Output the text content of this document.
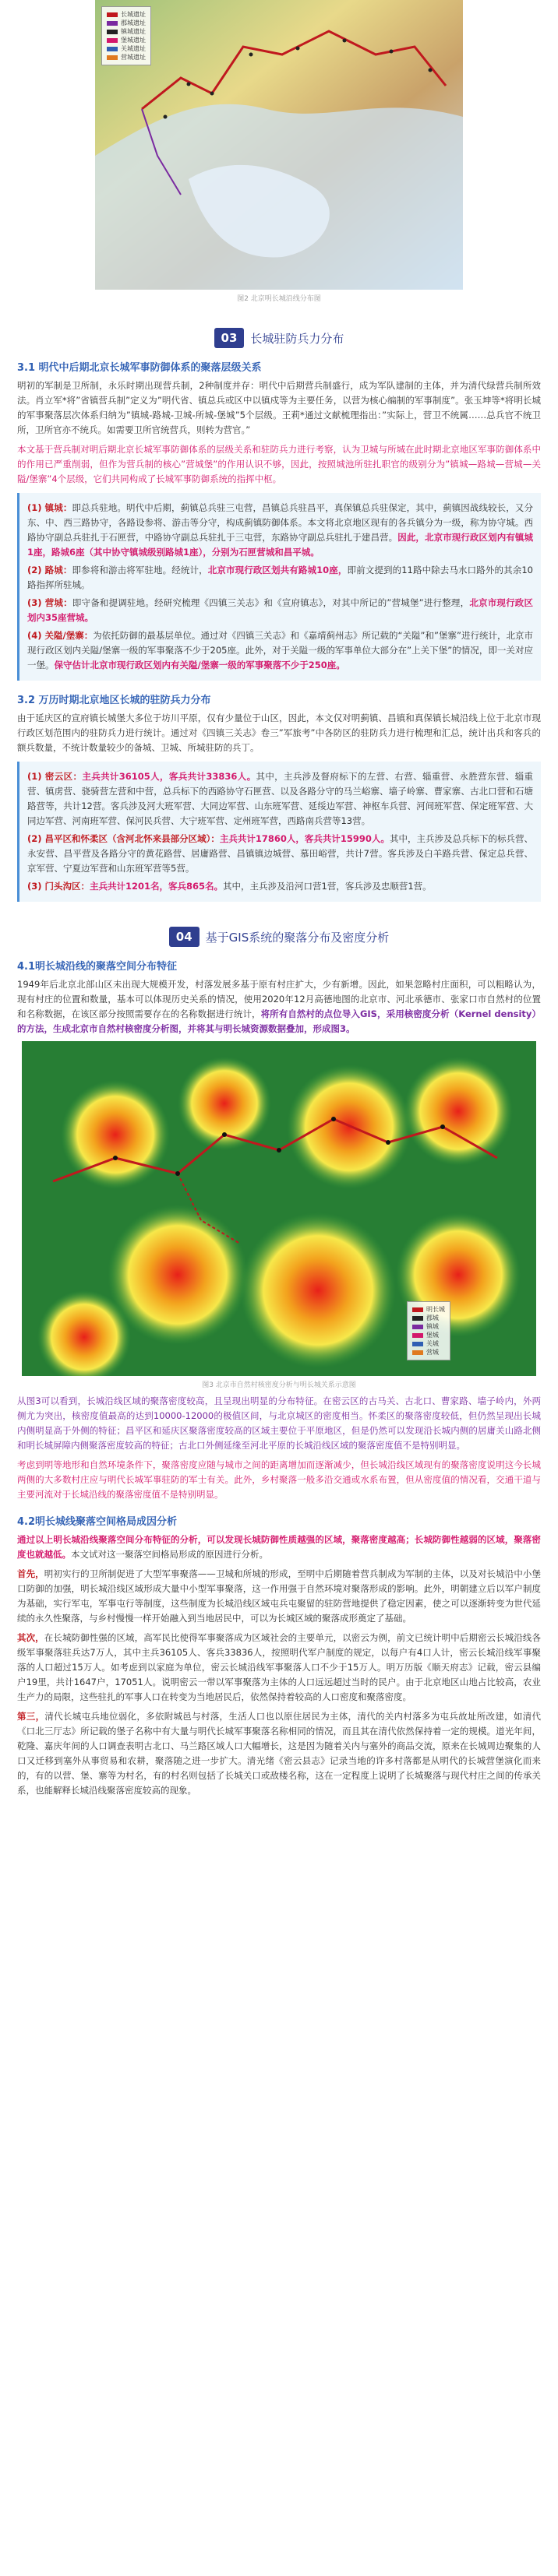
长城遗址
郡城遗址
镇城遗址
堡城遗址
关城遗址
营城遗址
图2 北京明长城沿线分布图
03	长城驻防兵力分布
3.1 明代中后期北京长城军事防御体系的聚落层级关系
明初的军制是卫所制，永乐时期出现营兵制，2种制度并存：明代中后期营兵制盛行，成为军队建制的主体，并为清代绿营兵制所效法。肖立军*将”省镇营兵制”定义为”明代省、镇总兵或区中以镇戍等为主要任务，以营为核心编制的军事制度”。张玉坤等*将明长城的军事聚落层次体系归纳为”镇城-路城-卫城-所城-堡城”5个层级。王莉*通过文献梳理指出：”实际上，营卫不统属……总兵官不统卫所，卫所官亦不统兵。如需要卫所官统营兵，则转为营官。”
本文基于营兵制对明后期北京长城军事防御体系的层级关系和驻防兵力进行考察，认为卫城与所城在此时期北京地区军事防御体系中的作用已严重削弱，但作为营兵制的核心”营城堡”的作用认识不够，因此，按照城池所驻扎职官的级别分为”镇城—路城—营城—关隘/堡寨”4个层级，它们共同构成了长城军事防御系统的指挥中枢。
(1) 镇城：即总兵驻地。明代中后期，蓟镇总兵驻三屯营，昌镇总兵驻昌平，真保镇总兵驻保定，其中，蓟镇因战线较长，又分东、中、西三路协守，各路设参将、游击等分守，构成蓟镇防御体系。本文将北京地区现有的各兵镇分为一级，称为协守城。西路协守副总兵驻扎于石匣营，中路协守副总兵驻扎于三屯营，东路协守副总兵驻扎于建昌营。因此，北京市现行政区划内有镇城1座，路城6座（其中协守镇城级别路城1座），分别为石匣营城和昌平城。
(2) 路城：即参将和游击将军驻地。经统计，北京市现行政区划共有路城10座，即前文提到的11路中除去马水口路外的其余10路指挥所驻城。
(3) 营城：即守备和提调驻地。经研究梳理《四镇三关志》和《宣府镇志》，对其中所记的”营城堡”进行整理，北京市现行政区划内35座营城。
(4) 关隘/堡寨：为依托防御的最基层单位。通过对《四镇三关志》和《嘉靖蓟州志》所记载的“关隘”和”堡寨”进行统计，北京市现行政区划内关隘/堡寨一级的军事聚落不少于205座。此外，对于关隘一级的军事单位大部分在”上关下堡”的情况，即一关对应一堡。保守估计北京市现行政区划内有关隘/堡寨一级的军事聚落不少于250座。
3.2 万历时期北京地区长城的驻防兵力分布
由于延庆区的宣府镇长城堡大多位于坊川平原，仅有少量位于山区，因此，本文仅对明蓟镇、昌镇和真保镇长城沿线上位于北京市现行政区划范围内的驻防兵力进行统计。通过对《四镇三关志》卷三”军旅考”中各防区的驻防兵力进行梳理和汇总，统计出兵和客兵的额兵数量，不统计数量较少的备城、卫城、所城驻防的兵丁。
(1) 密云区：主兵共计36105人，客兵共计33836人。其中，主兵涉及督府标下的左营、右营、辎重营、永胜营东营、辎重营、镇虏营、骁骑营左营和中营，总兵标下的西路协守石匣营、以及各路分守的马兰峪寨、墙子岭寨、曹家寨、古北口营和石塘路营等，共计12营。客兵涉及河大班军营、大同边军营、山东班军营、延绥边军营、神枢车兵营、河间班军营、保定班军营、大同边军营、河南班军营、保河民兵营、大宁班军营、定州班军营，西路南兵营等13营。
(2) 昌平区和怀柔区（含河北怀来县部分区域）：主兵共计17860人，客兵共计15990人。其中，主兵涉及总兵标下的标兵营、永安营、昌平营及各路分守的黄花路营、居庸路营、昌镇镇边城营、慕田峪营，共计7营。客兵涉及白羊路兵营、保定总兵营、京军营、宁夏边军营和山东班军营等5营。
(3) 门头沟区：主兵共计1201名，客兵865名。其中，主兵涉及沿河口营1营，客兵涉及忠顺营1营。
04	基于GIS系统的聚落分布及密度分析
4.1明长城沿线的聚落空间分布特征
1949年后北京北部山区未出现大规模开发，村落发展多基于原有村庄扩大，少有新增。因此，如果忽略村庄面积，可以粗略认为，现有村庄的位置和数量，基本可以体现历史关系的情况，使用2020年12月高德地图的北京市、河北承德市、张家口市自然村的位置和名称数据，在该区部分按照需要存在的名称数据进行统计，将所有自然村的点位导入GIS，采用核密度分析（Kernel density）的方法，生成北京市自然村核密度分析图，并将其与明长城资源数据叠加，形成图3。
明长城
郡城
镇城
堡城
关城
营城
图3 北京市自然村核密度分析与明长城关系示意图
从图3可以看到，长城沿线区域的聚落密度较高，且呈现出明显的分布特征。在密云区的古马关、古北口、曹家路、墙子岭内，外两侧尤为突出，核密度值最高的达到10000-12000的极值区间，与北京城区的密度相当。怀柔区的聚落密度较低，但仍然呈现出长城内侧明显高于外侧的特征；昌平区和延庆区聚落密度较高的区域主要位于平原地区，但是仍然可以发现沿长城内侧的居庸关山路北侧和明长城屏障内侧聚落密度较高的特征；古北口外侧延缘至河北平原的长城沿线区域的聚落密度值不是特别明显。
考虑到明等地形和自然环境条件下，聚落密度应随与城市之间的距离增加而逐渐减少，但长城沿线区域现有的聚落密度说明这今长城两侧的大多数村庄应与明代长城军事驻防的军士有关。此外，乡村聚落一般多沿交通或水系布置，但从密度值的情况看，交通干道与主要河流对于长城沿线的聚落密度值不是特别明显。
4.2明长城线聚落空间格局成因分析
通过以上明长城沿线聚落空间分布特征的分析，可以发现长城防御性质越强的区域，聚落密度越高；长城防御性越弱的区域，聚落密度也就越低。本文试对这一聚落空间格局形成的原因进行分析。
首先，明初实行的卫所制促进了大型军事聚落——卫城和所城的形成，至明中后期随着营兵制成为军制的主体，以及对长城沿中小堡口防御的加强，明长城沿线区域形成大量中小型军事聚落，这一作用强于自然环境对聚落形成的影响。此外，明朝建立后以军户制度为基础，实行军屯，军事屯行等制度，这些制度为长城沿线区域屯兵屯聚留的驻防营地提供了稳定因素，使之可以逐渐转变为世代延续的永久性聚落，与乡村慢慢一样开始融入到当地居民中，可以为长城区域的聚落成形奠定了基础。
其次，在长城防御性强的区域，高军民比使得军事聚落成为区域社会的主要单元，以密云为例，前文已统计明中后期密云长城沿线各级军事聚落驻兵达7万人，其中主兵36105人、客兵33836人，按照明代军户制度的规定，以每户有4口人计，密云长城沿线军事聚落的人口超过15万人。如考虑到以家庭为单位，密云长城沿线军事聚落人口不少于15万人。明万历版《顺天府志》记载，密云县编户19里，共计1647户，17051人。说明密云一带以军事聚落为主体的人口远远超过当时的民户。由于北京地区山地占比较高，农业生产力的局限，这些驻扎的军事人口在转变为当地居民后，依然保持着较高的人口密度和聚落密度。
第三，清代长城屯兵地位弱化，多依附城邑与村落，生活人口也以原住居民为主体，清代的关内村落多为屯兵故址所改建，如清代《口北三厅志》所记载的堡子名称中有大量与明代长城军事聚落名称相同的情况，而且其在清代依然保持着一定的规模。道光年间，乾隆、嘉庆年间的人口调查表明古北口、马兰路区域人口大幅增长，这是因为随着关内与塞外的商品交流，原来在长城周边聚集的人口又迁移到塞外从事贸易和农耕，聚落随之进一步扩大。清光绪《密云县志》记录当地的许多村落都是从明代的长城营堡演化而来的，有的以营、堡、寨等为村名，有的村名则包括了长城关口或敌楼名称，这在一定程度上说明了长城聚落与现代村庄之间的传承关系，也能解释长城沿线聚落密度较高的现象。
